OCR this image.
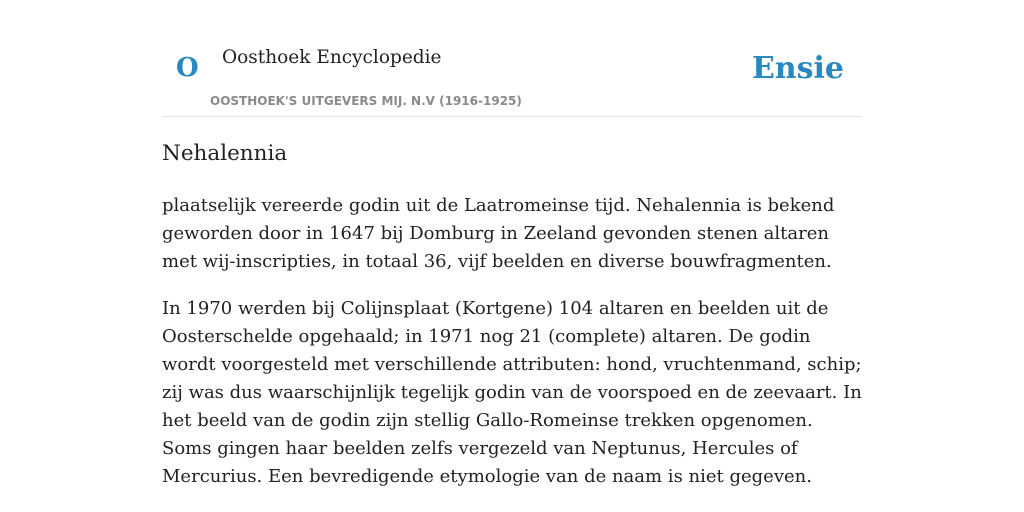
O Oosthoek Encyclopedie
OOSTHOEK'S UITGEVERS MIJ. N.V (1916-1925)
Ensie
Nehalennia

plaatselijk vereerde godin uit de Laatromeinse tijd. Nehalennia is bekend geworden door in 1647 bij Domburg in Zeeland gevonden stenen altaren met wij-inscripties, in totaal 36, vijf beelden en diverse bouwfragmenten.

In 1970 werden bij Colijnsplaat (Kortgene) 104 altaren en beelden uit de Oosterschelde opgehaald; in 1971 nog 21 (complete) altaren. De godin wordt voorgesteld met verschillende attributen: hond, vruchtenmand, schip; zij was dus waarschijnlijk tegelijk godin van de voorspoed en de zeevaart. In het beeld van de godin zijn stellig Gallo-Romeinse trekken opgenomen. Soms gingen haar beelden zelfs vergezeld van Neptunus, Hercules of Mercurius. Een bevredigende etymologie van de naam is niet gegeven.
